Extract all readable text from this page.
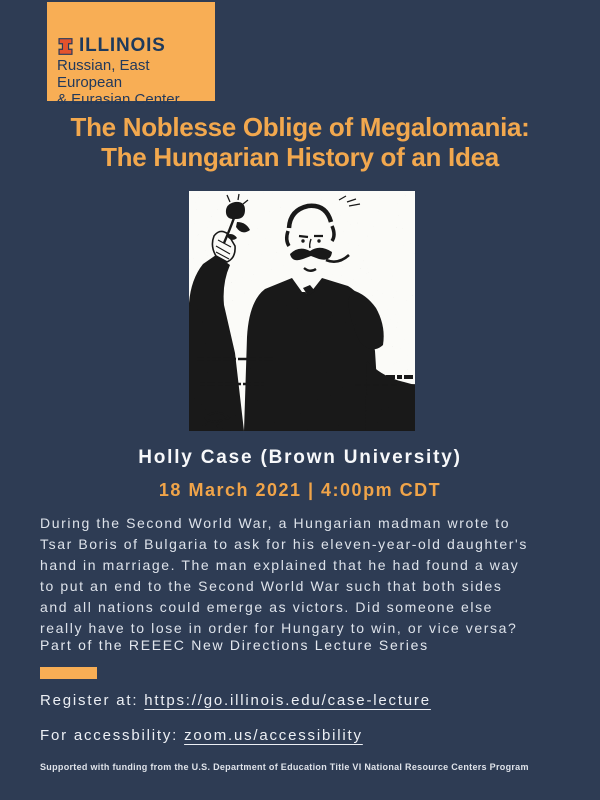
ILLINOIS
Russian, East European
& Eurasian Center
The Noblesse Oblige of Megalomania:
The Hungarian History of an Idea
Holly Case (Brown University)
18 March 2021 | 4:00pm CDT
During the Second World War, a Hungarian madman wrote to
Tsar Boris of Bulgaria to ask for his eleven-year-old daughter's
hand in marriage. The man explained that he had found a way
to put an end to the Second World War such that both sides
and all nations could emerge as victors. Did someone else
really have to lose in order for Hungary to win, or vice versa?
Part of the REEEC New Directions Lecture Series
Register at: https://go.illinois.edu/case-lecture
For accessbility: zoom.us/accessibility
Supported with funding from the U.S. Department of Education Title VI National Resource Centers Program
